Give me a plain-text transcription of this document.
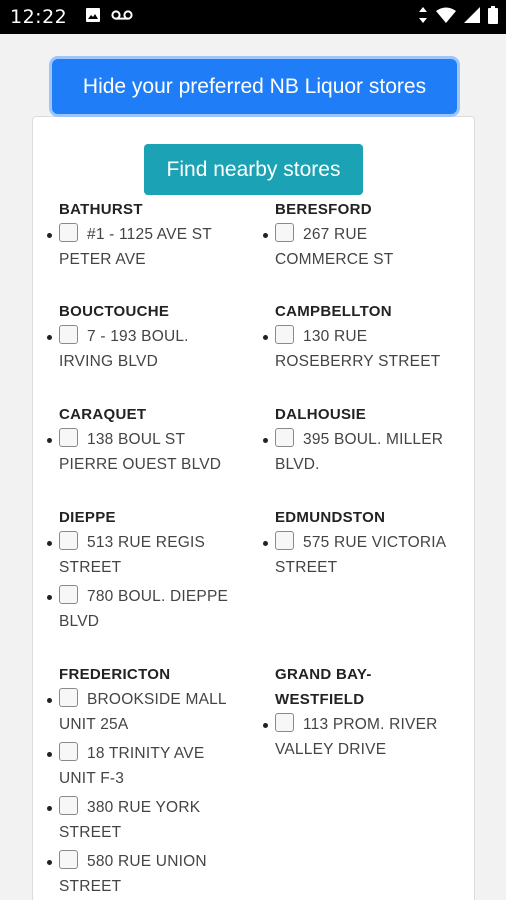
12:22
Hide your preferred NB Liquor stores
Find nearby stores
BATHURST
#1 - 1125 AVE ST PETER AVE
BERESFORD
267 RUE COMMERCE ST
BOUCTOUCHE
7 - 193 BOUL. IRVING BLVD
CAMPBELLTON
130 RUE ROSEBERRY STREET
CARAQUET
138 BOUL ST PIERRE OUEST BLVD
DALHOUSIE
395 BOUL. MILLER BLVD.
DIEPPE
513 RUE REGIS STREET
780 BOUL. DIEPPE BLVD
EDMUNDSTON
575 RUE VICTORIA STREET
FREDERICTON
BROOKSIDE MALL UNIT 25A
18 TRINITY AVE UNIT F-3
380 RUE YORK STREET
580 RUE UNION STREET
GRAND BAY-WESTFIELD
113 PROM. RIVER VALLEY DRIVE
